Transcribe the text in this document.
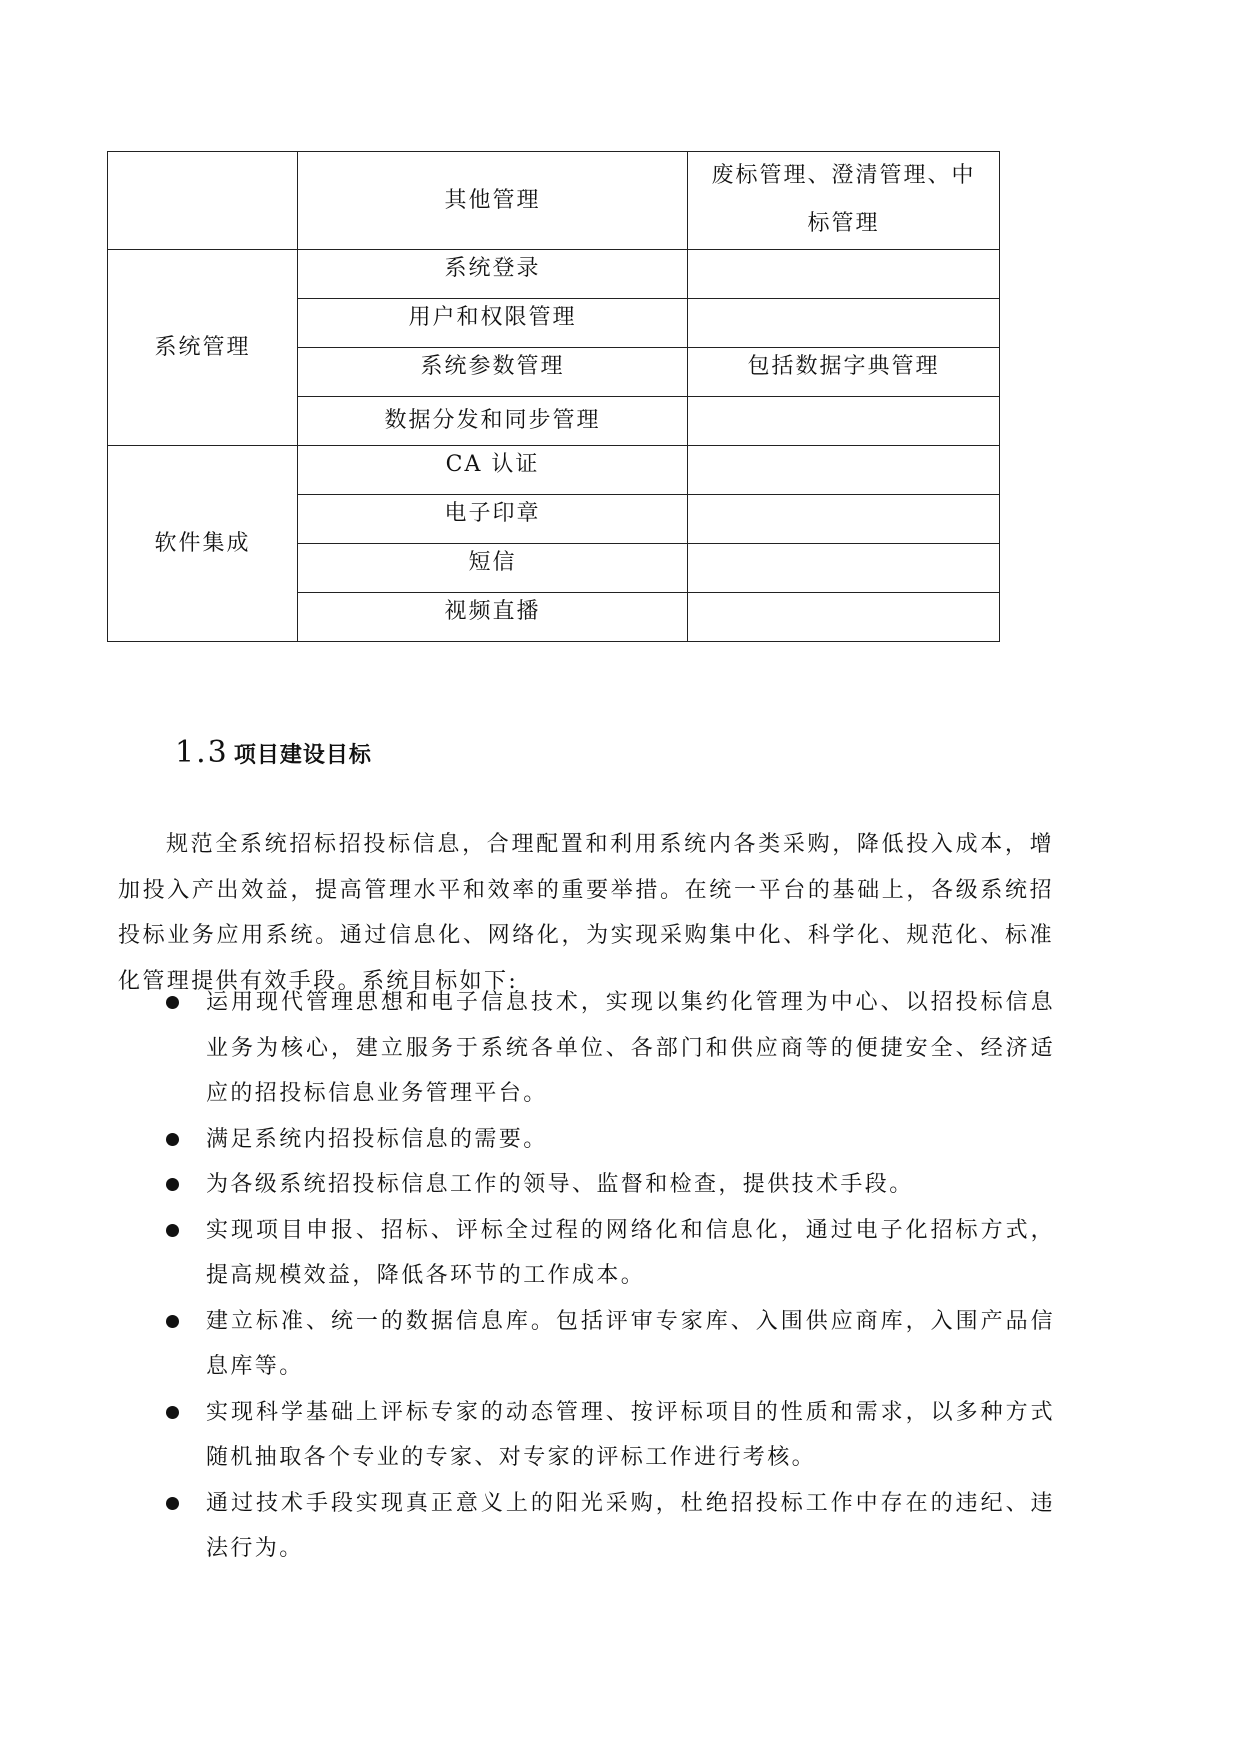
	其他管理	废标管理、澄清管理、中标管理
系统管理	系统登录	
	用户和权限管理	
	系统参数管理	包括数据字典管理
	数据分发和同步管理	
软件集成	CA 认证	
	电子印章	
	短信	
	视频直播	
1.3 项目建设目标

规范全系统招标招投标信息，合理配置和利用系统内各类采购，降低投入成本，增加投入产出效益，提高管理水平和效率的重要举措。在统一平台的基础上，各级系统招投标业务应用系统。通过信息化、网络化，为实现采购集中化、科学化、规范化、标准化管理提供有效手段。系统目标如下:

运用现代管理思想和电子信息技术，实现以集约化管理为中心、以招投标信息业务为核心，建立服务于系统各单位、各部门和供应商等的便捷安全、经济适应的招投标信息业务管理平台。
满足系统内招投标信息的需要。
为各级系统招投标信息工作的领导、监督和检查，提供技术手段。
实现项目申报、招标、评标全过程的网络化和信息化，通过电子化招标方式，提高规模效益，降低各环节的工作成本。
建立标准、统一的数据信息库。包括评审专家库、入围供应商库，入围产品信息库等。
实现科学基础上评标专家的动态管理、按评标项目的性质和需求，以多种方式随机抽取各个专业的专家、对专家的评标工作进行考核。
通过技术手段实现真正意义上的阳光采购，杜绝招投标工作中存在的违纪、违法行为。
